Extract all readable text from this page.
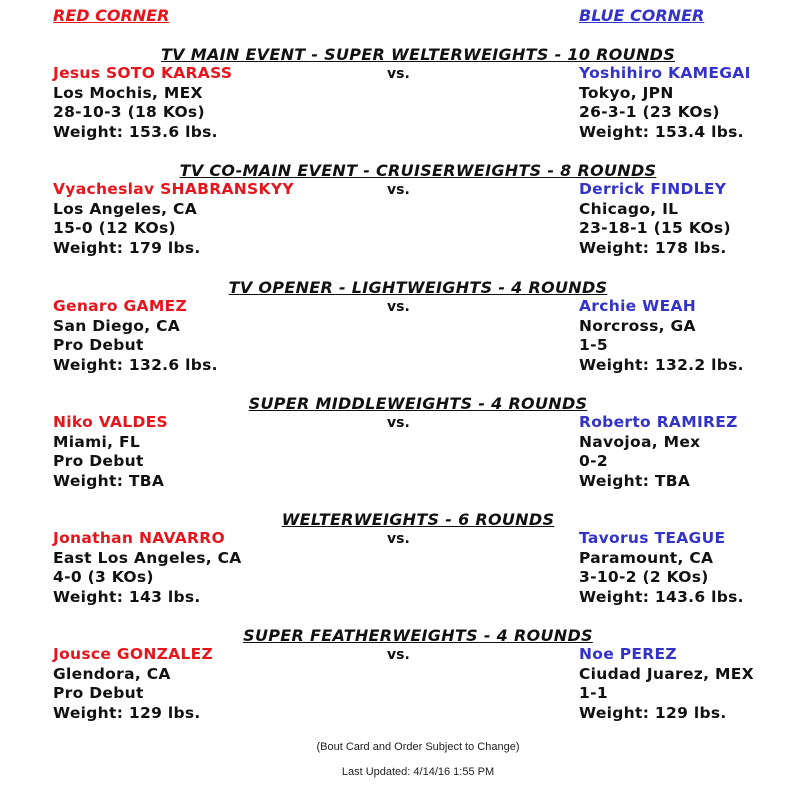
RED CORNER	BLUE CORNER
TV MAIN EVENT - SUPER WELTERWEIGHTS - 10 ROUNDS
Jesus SOTO KARASS
Los Mochis, MEX
28-10-3 (18 KOs)
Weight: 153.6 lbs.
vs.	Yoshihiro KAMEGAI
Tokyo, JPN
26-3-1 (23 KOs)
Weight: 153.4 lbs.
TV CO-MAIN EVENT - CRUISERWEIGHTS - 8 ROUNDS
Vyacheslav SHABRANSKYY
Los Angeles, CA
15-0 (12 KOs)
Weight: 179 lbs.
vs.	Derrick FINDLEY
Chicago, IL
23-18-1 (15 KOs)
Weight: 178 lbs.
TV OPENER - LIGHTWEIGHTS - 4 ROUNDS
Genaro GAMEZ
San Diego, CA
Pro Debut
Weight: 132.6 lbs.
vs.	Archie WEAH
Norcross, GA
1-5
Weight: 132.2 lbs.
SUPER MIDDLEWEIGHTS - 4 ROUNDS
Niko VALDES
Miami, FL
Pro Debut
Weight: TBA
vs.	Roberto RAMIREZ
Navojoa, Mex
0-2
Weight: TBA
WELTERWEIGHTS - 6 ROUNDS
Jonathan NAVARRO
East Los Angeles, CA
4-0 (3 KOs)
Weight: 143 lbs.
vs.	Tavorus TEAGUE
Paramount, CA
3-10-2 (2 KOs)
Weight: 143.6 lbs.
SUPER FEATHERWEIGHTS - 4 ROUNDS
Jousce GONZALEZ
Glendora, CA
Pro Debut
Weight: 129 lbs.
vs.	Noe PEREZ
Ciudad Juarez, MEX
1-1
Weight: 129 lbs.
(Bout Card and Order Subject to Change)
Last Updated: 4/14/16 1:55 PM
